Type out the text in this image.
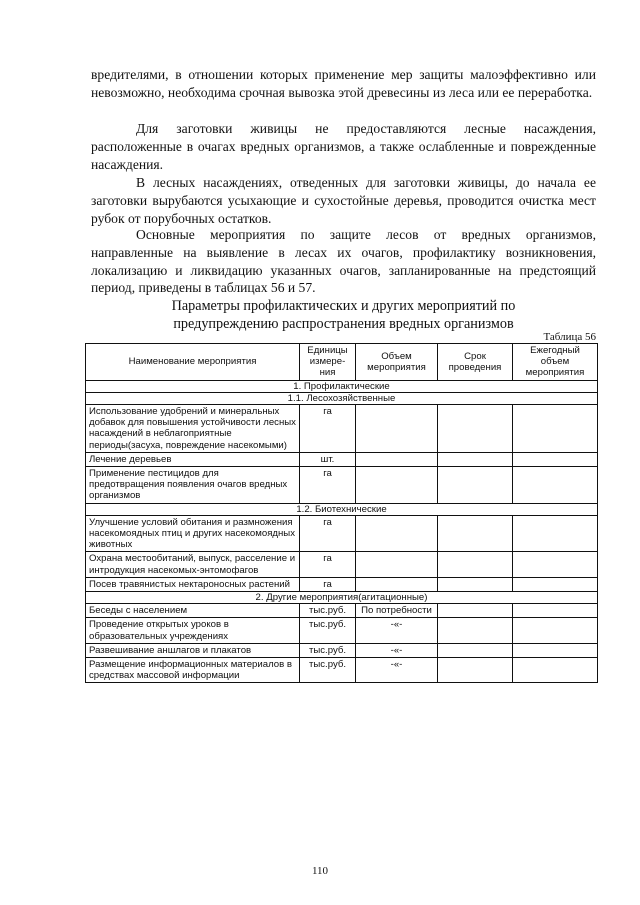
вредителями, в отношении которых применение мер защиты малоэффективно или невозможно, необходима срочная вывозка этой древесины из леса или ее переработка.
Для заготовки живицы не предоставляются лесные насаждения, расположенные в очагах вредных организмов, а также ослабленные и поврежденные насаждения.
В лесных насаждениях, отведенных для заготовки живицы, до начала ее заготовки вырубаются усыхающие и сухостойные деревья, проводится очистка мест рубок от порубочных остатков.
Основные мероприятия по защите лесов от вредных организмов, направленные на выявление в лесах их очагов, профилактику возникновения, локализацию и ликвидацию указанных очагов, запланированные на предстоящий период, приведены в таблицах 56 и 57.
Параметры профилактических и других мероприятий по
предупреждению распространения вредных организмов
Таблица 56
Наименование мероприятия	Единицы измере-ния	Объем мероприятия	Срок проведения	Ежегодный объем мероприятия
1. Профилактические				
1.1. Лесохозяйственные				
Использование удобрений и минеральных добавок для повышения устойчивости лесных насаждений в неблагоприятные периоды(засуха, повреждение насекомыми)	га			
Лечение деревьев	шт.			
Применение пестицидов для предотвращения появления очагов вредных организмов	га			
1.2. Биотехнические				
Улучшение условий обитания и размножения насекомоядных птиц и других насекомоядных животных	га			
Охрана местообитаний, выпуск, расселение и интродукция насекомых-энтомофагов	га			
Посев травянистых нектароносных растений	га			
2. Другие мероприятия(агитационные)				
Беседы с населением	тыс.руб.	По потребности		
Проведение открытых уроков в образовательных учреждениях	тыс.руб.	-«-		
Развешивание аншлагов и плакатов	тыс.руб.	-«-		
Размещение информационных материалов в средствах массовой информации	тыс.руб.	-«-		
110
